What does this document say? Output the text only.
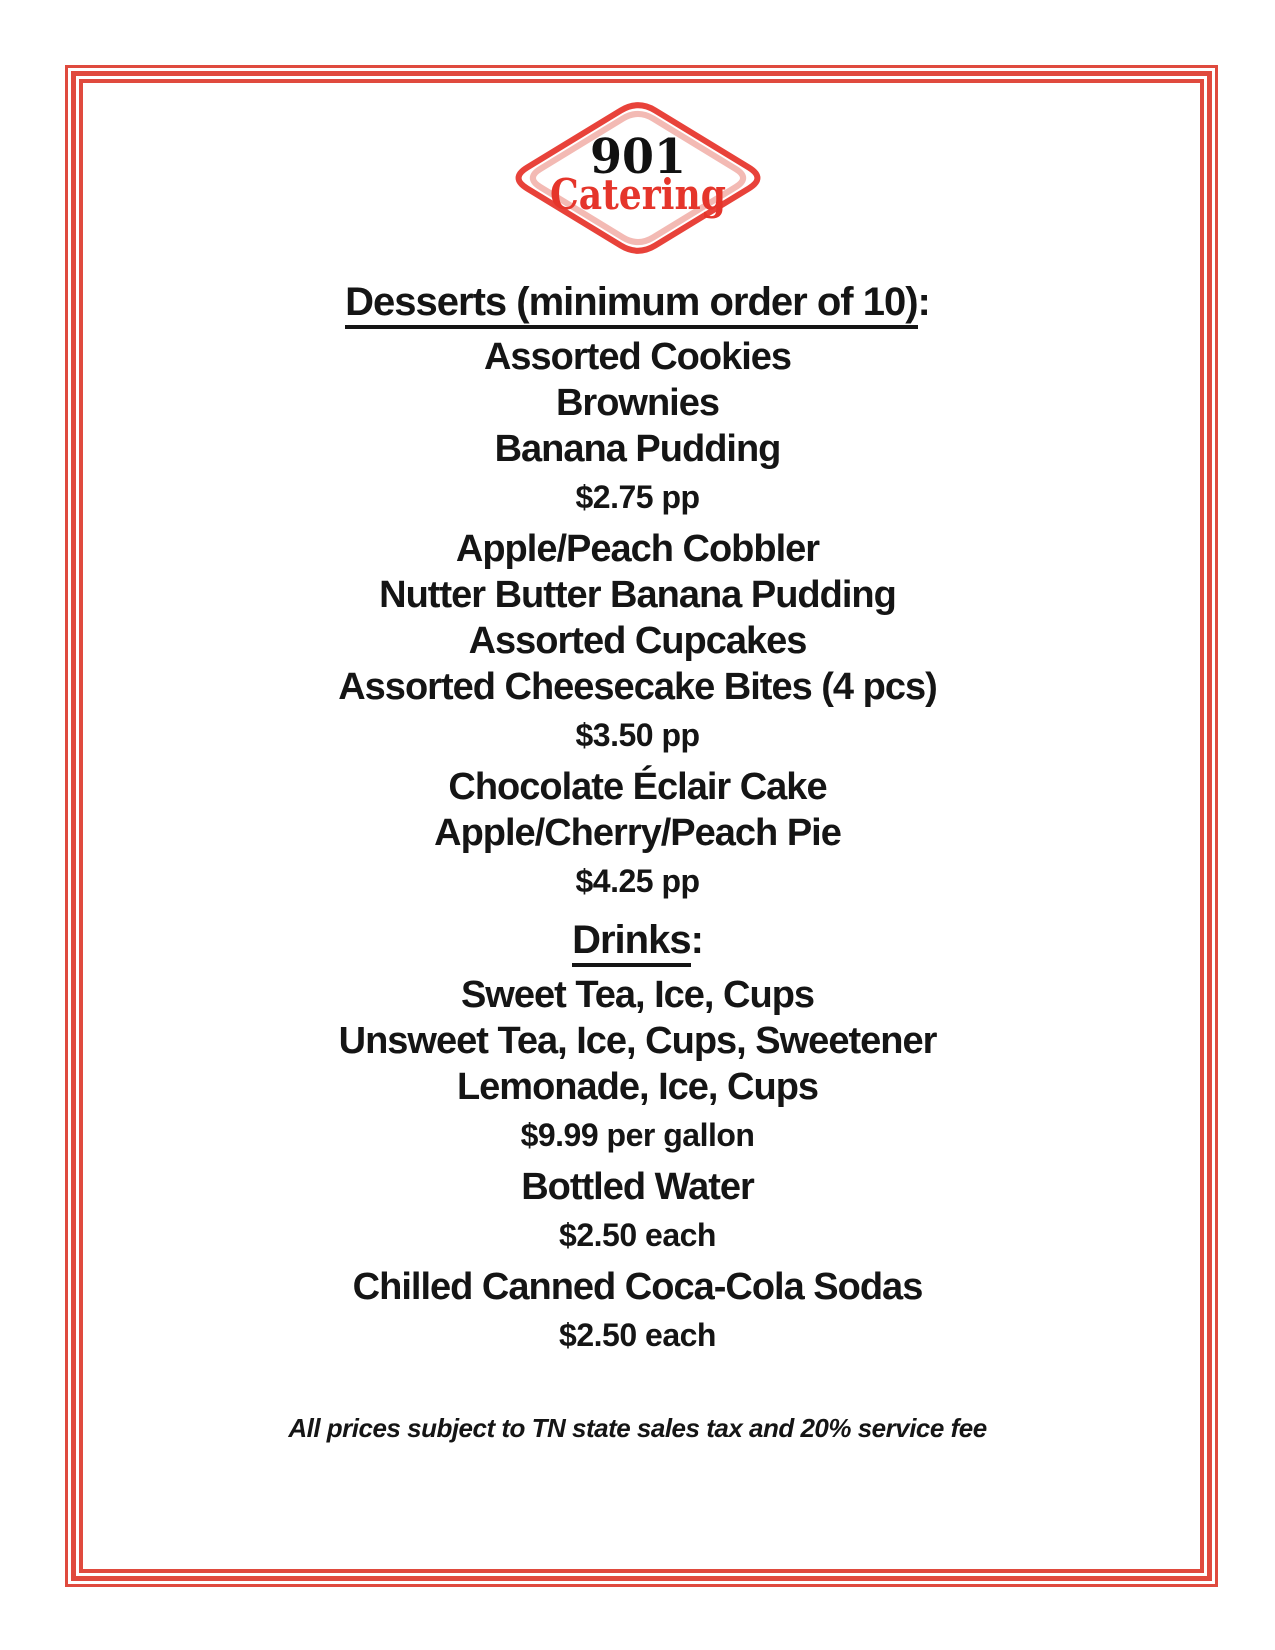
901
Catering
Desserts (minimum order of 10):
Assorted Cookies
Brownies
Banana Pudding
$2.75 pp
Apple/Peach Cobbler
Nutter Butter Banana Pudding
Assorted Cupcakes
Assorted Cheesecake Bites (4 pcs)
$3.50 pp
Chocolate Éclair Cake
Apple/Cherry/Peach Pie
$4.25 pp
Drinks:
Sweet Tea, Ice, Cups
Unsweet Tea, Ice, Cups, Sweetener
Lemonade, Ice, Cups
$9.99 per gallon
Bottled Water
$2.50 each
Chilled Canned Coca-Cola Sodas
$2.50 each
All prices subject to TN state sales tax and 20% service fee
